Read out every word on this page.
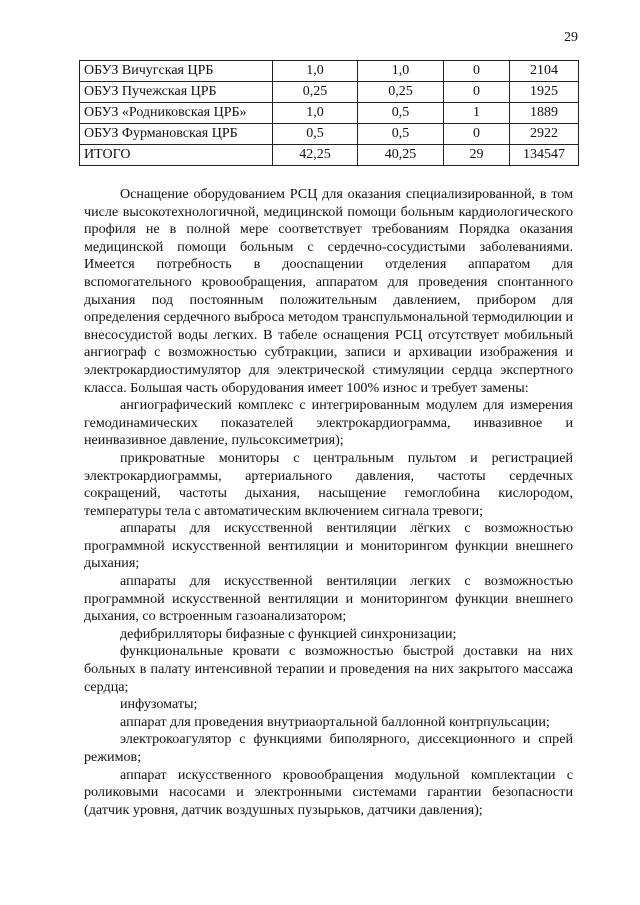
29
ОБУЗ Вичугская ЦРБ	1,0	1,0	0	2104
ОБУЗ Пучежская ЦРБ	0,25	0,25	0	1925
ОБУЗ «Родниковская ЦРБ»	1,0	0,5	1	1889
ОБУЗ Фурмановская ЦРБ	0,5	0,5	0	2922
ИТОГО	42,25	40,25	29	134547

Оснащение оборудованием РСЦ для оказания специализированной, в том числе высокотехнологичной, медицинской помощи больным кардиологического профиля не в полной мере соответствует требованиям Порядка оказания медицинской помощи больным с сердечно-сосудистыми заболеваниями. Имеется потребность в доосnащении отделения аппаратом для вспомогательного кровообращения, аппаратом для проведения спонтанного дыхания под постоянным положительным давлением, прибором для определения сердечного выброса методом транспульмональной термодилюции и внесосудистой воды легких. В табеле оснащения РСЦ отсутствует мобильный ангиограф с возможностью субтракции, записи и архивации изображения и электрокардиостимулятор для электрической стимуляции сердца экспертного класса. Большая часть оборудования имеет 100% износ и требует замены:

ангиографический комплекс с интегрированным модулем для измерения гемодинамических показателей электрокардиограмма, инвазивное и неинвазивное давление, пульсоксиметрия);

прикроватные мониторы с центральным пультом и регистрацией электрокардиограммы, артериального давления, частоты сердечных сокращений, частоты дыхания, насыщение гемоглобина кислородом, температуры тела с автоматическим включением сигнала тревоги;

аппараты для искусственной вентиляции лёгких с возможностью программной искусственной вентиляции и мониторингом функции внешнего дыхания;

аппараты для искусственной вентиляции легких с возможностью программной искусственной вентиляции и мониторингом функции внешнего дыхания, со встроенным газоанализатором;

дефибрилляторы бифазные с функцией синхронизации;

функциональные кровати с возможностью быстрой доставки на них больных в палату интенсивной терапии и проведения на них закрытого массажа сердца;

инфузоматы;

аппарат для проведения внутриаортальной баллонной контрпульсации;

электрокоагулятор с функциями биполярного, диссекционного и спрей режимов;

аппарат искусственного кровообращения модульной комплектации с роликовыми насосами и электронными системами гарантии безопасности (датчик уровня, датчик воздушных пузырьков, датчики давления);
